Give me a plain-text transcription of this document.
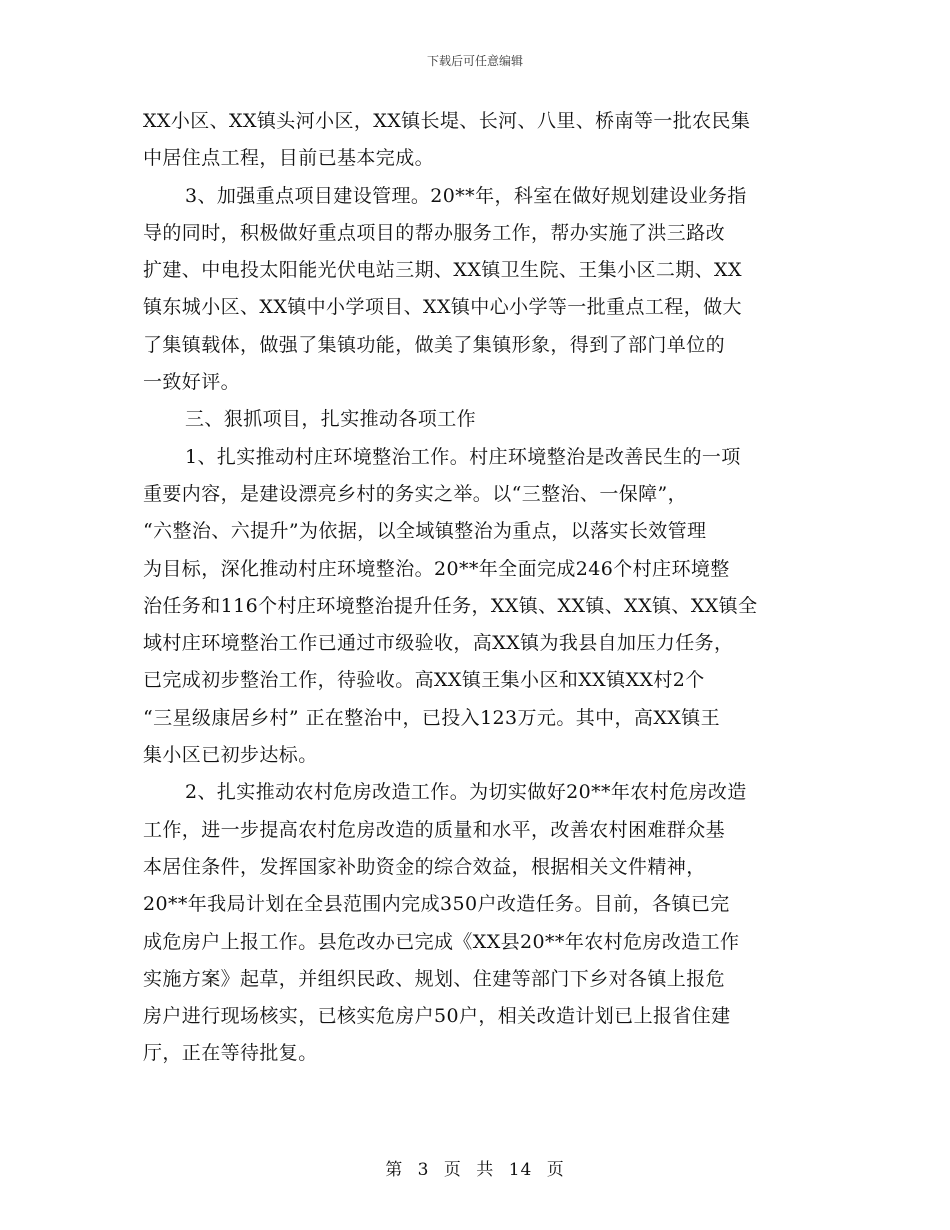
下载后可任意编辑
XX小区、XX镇头河小区，XX镇长堤、长河、八里、桥南等一批农民集
中居住点工程，目前已基本完成。
3、加强重点项目建设管理。20**年，科室在做好规划建设业务指
导的同时，积极做好重点项目的帮办服务工作，帮办实施了洪三路改
扩建、中电投太阳能光伏电站三期、XX镇卫生院、王集小区二期、XX
镇东城小区、XX镇中小学项目、XX镇中心小学等一批重点工程，做大
了集镇载体，做强了集镇功能，做美了集镇形象，得到了部门单位的
一致好评。
三、狠抓项目，扎实推动各项工作
1、扎实推动村庄环境整治工作。村庄环境整治是改善民生的一项
重要内容，是建设漂亮乡村的务实之举。以“三整治、一保障”，
“六整治、六提升”为依据，以全域镇整治为重点，以落实长效管理
为目标，深化推动村庄环境整治。20**年全面完成246个村庄环境整
治任务和116个村庄环境整治提升任务，XX镇、XX镇、XX镇、XX镇全
域村庄环境整治工作已通过市级验收，高XX镇为我县自加压力任务，
已完成初步整治工作，待验收。高XX镇王集小区和XX镇XX村2个
“三星级康居乡村” 正在整治中，已投入123万元。其中，高XX镇王
集小区已初步达标。
2、扎实推动农村危房改造工作。为切实做好20**年农村危房改造
工作，进一步提高农村危房改造的质量和水平，改善农村困难群众基
本居住条件，发挥国家补助资金的综合效益，根据相关文件精神，
20**年我局计划在全县范围内完成350户改造任务。目前，各镇已完
成危房户上报工作。县危改办已完成《XX县20**年农村危房改造工作
实施方案》起草，并组织民政、规划、住建等部门下乡对各镇上报危
房户进行现场核实，已核实危房户50户，相关改造计划已上报省住建
厅，正在等待批复。
第 3 页 共 14 页
